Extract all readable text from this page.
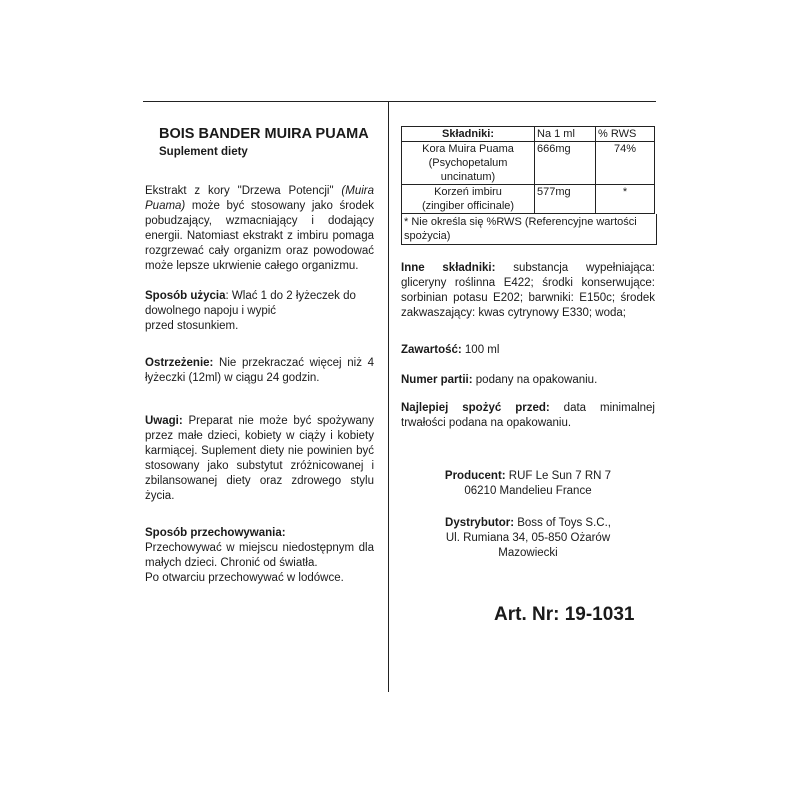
BOIS BANDER MUIRA PUAMA
Suplement diety

Ekstrakt z kory "Drzewa Potencji" (Muira Puama) może być stosowany jako środek pobudzający, wzmacniający i dodający energii. Natomiast ekstrakt z imbiru pomaga rozgrzewać cały organizm oraz powodować może lepsze ukrwienie całego organizmu.

Sposób użycia: Wlać 1 do 2 łyżeczek do
dowolnego napoju i wypić
przed stosunkiem.

Ostrzeżenie: Nie przekraczać więcej niż 4 łyżeczki (12ml) w ciągu 24 godzin.

Uwagi: Preparat nie może być spożywany przez małe dzieci, kobiety w ciąży i kobiety karmiącej. Suplement diety nie powinien być stosowany jako substytut zróżnicowanej i zbilansowanej diety oraz zdrowego stylu życia.

Sposób przechowywania:
Przechowywać w miejscu niedostępnym dla małych dzieci. Chronić od światła.
Po otwarciu przechowywać w lodówce.

Składniki:	Na 1 ml	% RWS

Kora Muira Puama
(Psychopetalum
uncinatum)	666mg	74%

Korzeń imbiru
(zingiber officinale)	577mg	*
* Nie określa się %RWS (Referencyjne wartości spożycia)

Inne składniki: substancja wypełniająca: gliceryny roślinna E422; środki konserwujące: sorbinian potasu E202; barwniki: E150c; środek zakwaszający: kwas cytrynowy E330; woda;

Zawartość: 100 ml

Numer partii: podany na opakowaniu.

Najlepiej spożyć przed: data minimalnej trwałości podana na opakowaniu.

Producent: RUF Le Sun 7 RN 7
06210 Mandelieu France

Dystrybutor: Boss of Toys S.C.,
Ul. Rumiana 34, 05-850 Ożarów
Mazowiecki

Art. Nr: 19-1031
